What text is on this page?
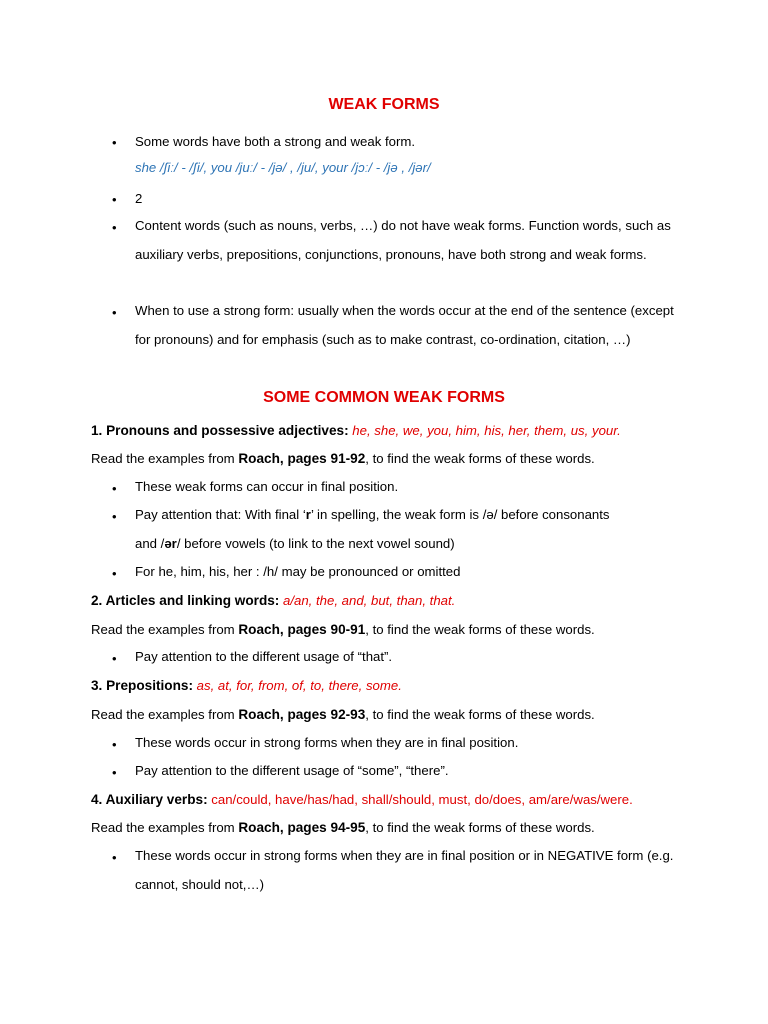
WEAK FORMS
• Some words have both a strong and weak form.
she /ʃiː/ - /ʃi/, you /juː/ - /jə/ , /ju/, your /jɔː/ - /jə , /jər/
• 2
• Content words (such as nouns, verbs, …) do not have weak forms. Function words, such as auxiliary verbs, prepositions, conjunctions, pronouns, have both strong and weak forms.
• When to use a strong form: usually when the words occur at the end of the sentence (except for pronouns) and for emphasis (such as to make contrast, co-ordination, citation, …)
SOME COMMON WEAK FORMS
1. Pronouns and possessive adjectives: he, she, we, you, him, his, her, them, us, your.
Read the examples from Roach, pages 91-92, to find the weak forms of these words.
• These weak forms can occur in final position.
• Pay attention that: With final ‘r’ in spelling, the weak form is /ə/ before consonants
and /ər/ before vowels (to link to the next vowel sound)
• For he, him, his, her : /h/ may be pronounced or omitted
2. Articles and linking words: a/an, the, and, but, than, that.
Read the examples from Roach, pages 90-91, to find the weak forms of these words.
• Pay attention to the different usage of “that”.
3. Prepositions: as, at, for, from, of, to, there, some.
Read the examples from Roach, pages 92-93, to find the weak forms of these words.
• These words occur in strong forms when they are in final position.
• Pay attention to the different usage of “some”, “there”.
4. Auxiliary verbs: can/could, have/has/had, shall/should, must, do/does, am/are/was/were.
Read the examples from Roach, pages 94-95, to find the weak forms of these words.
• These words occur in strong forms when they are in final position or in NEGATIVE form (e.g. cannot, should not,…)
